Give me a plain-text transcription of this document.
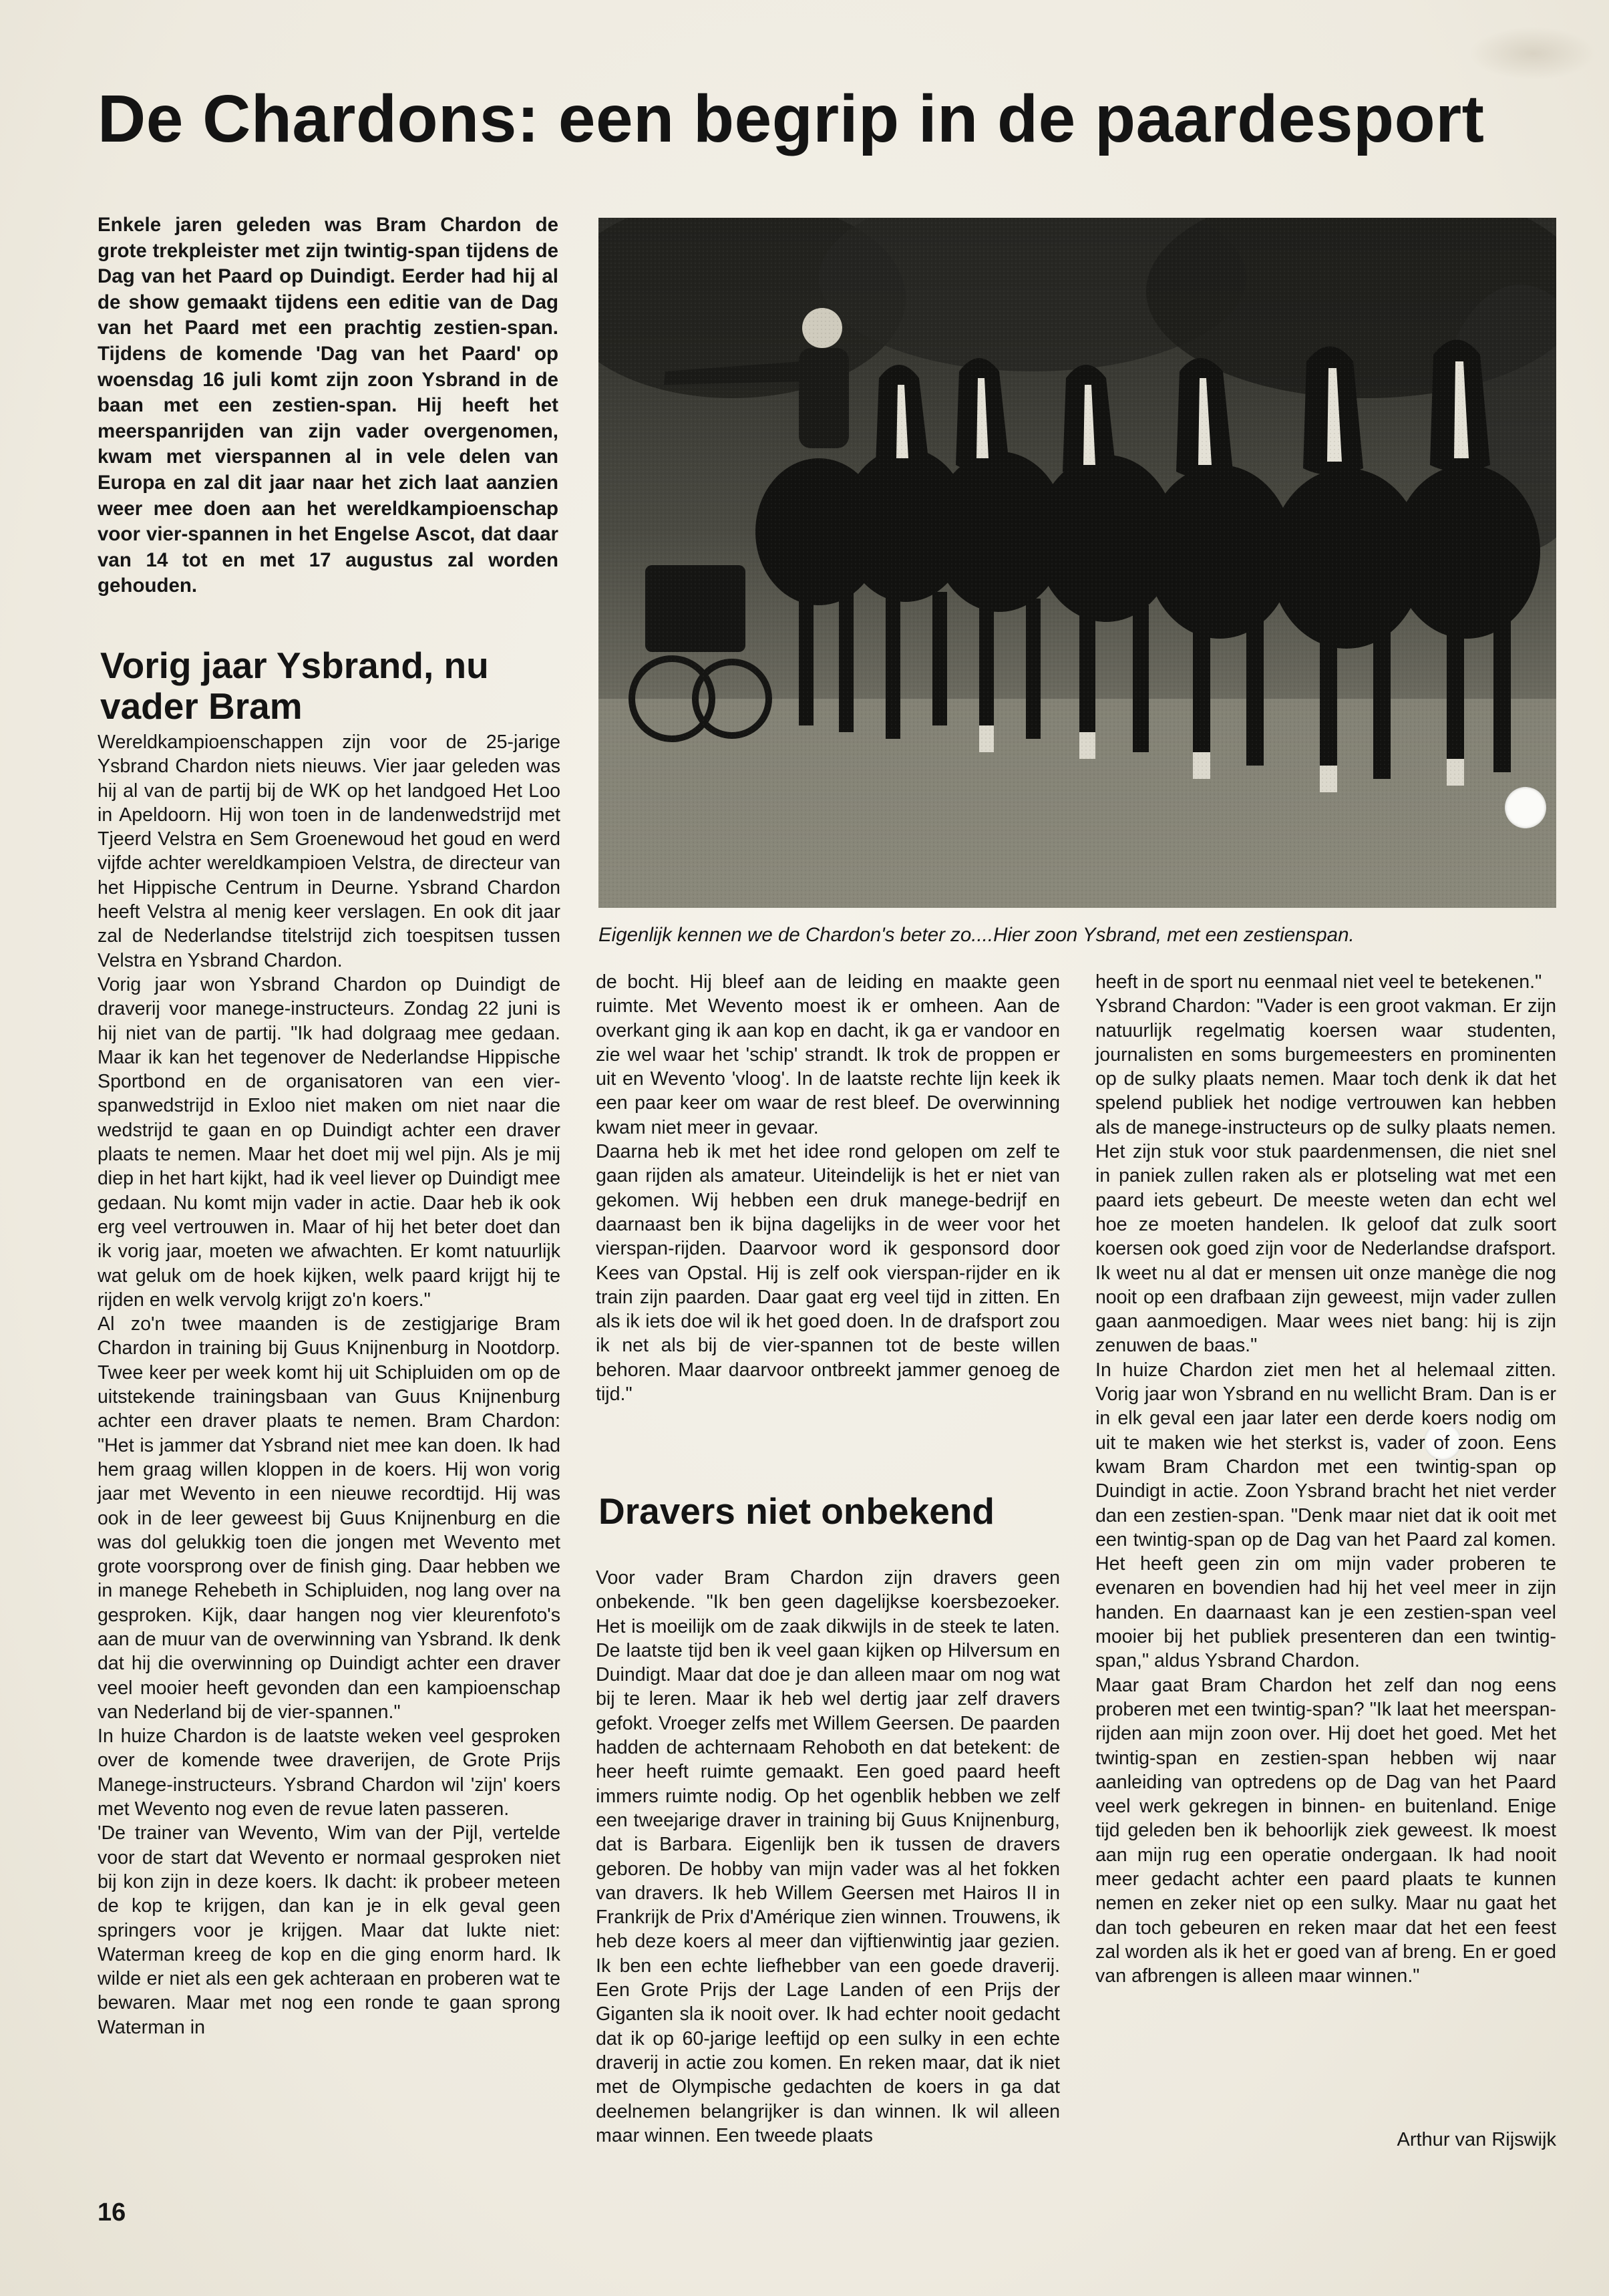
De Chardons: een begrip in de paardesport

Enkele jaren geleden was Bram Chardon de grote trekpleister met zijn twintig-span tijdens de Dag van het Paard op Duindigt. Eerder had hij al de show gemaakt tijdens een editie van de Dag van het Paard met een prachtig zestien-span. Tijdens de komende 'Dag van het Paard' op woensdag 16 juli komt zijn zoon Ysbrand in de baan met een zestien-span. Hij heeft het meerspanrijden van zijn vader overgenomen, kwam met vierspannen al in vele delen van Europa en zal dit jaar naar het zich laat aanzien weer mee doen aan het wereldkampioenschap voor vier-spannen in het Engelse Ascot, dat daar van 14 tot en met 17 augustus zal worden gehouden.

Vorig jaar Ysbrand, nu vader Bram

Wereldkampioenschappen zijn voor de 25-jarige Ysbrand Chardon niets nieuws. Vier jaar geleden was hij al van de partij bij de WK op het landgoed Het Loo in Apeldoorn. Hij won toen in de landenwedstrijd met Tjeerd Velstra en Sem Groenewoud het goud en werd vijfde achter wereldkampioen Velstra, de directeur van het Hippische Centrum in Deurne. Ysbrand Chardon heeft Velstra al menig keer verslagen. En ook dit jaar zal de Nederlandse titelstrijd zich toespitsen tussen Velstra en Ysbrand Chardon.

Vorig jaar won Ysbrand Chardon op Duindigt de draverij voor manege-instructeurs. Zondag 22 juni is hij niet van de partij. "Ik had dolgraag mee gedaan. Maar ik kan het tegenover de Nederlandse Hippische Sportbond en de organisatoren van een vier-spanwedstrijd in Exloo niet maken om niet naar die wedstrijd te gaan en op Duindigt achter een draver plaats te nemen. Maar het doet mij wel pijn. Als je mij diep in het hart kijkt, had ik veel liever op Duindigt mee gedaan. Nu komt mijn vader in actie. Daar heb ik ook erg veel vertrouwen in. Maar of hij het beter doet dan ik vorig jaar, moeten we afwachten. Er komt natuurlijk wat geluk om de hoek kijken, welk paard krijgt hij te rijden en welk vervolg krijgt zo'n koers."

Al zo'n twee maanden is de zestigjarige Bram Chardon in training bij Guus Knijnenburg in Nootdorp. Twee keer per week komt hij uit Schipluiden om op de uitstekende trainingsbaan van Guus Knijnenburg achter een draver plaats te nemen. Bram Chardon: "Het is jammer dat Ysbrand niet mee kan doen. Ik had hem graag willen kloppen in de koers. Hij won vorig jaar met Wevento in een nieuwe recordtijd. Hij was ook in de leer geweest bij Guus Knijnenburg en die was dol gelukkig toen die jongen met Wevento met grote voorsprong over de finish ging. Daar hebben we in manege Rehebeth in Schipluiden, nog lang over na gesproken. Kijk, daar hangen nog vier kleurenfoto's aan de muur van de overwinning van Ysbrand. Ik denk dat hij die overwinning op Duindigt achter een draver veel mooier heeft gevonden dan een kampioenschap van Nederland bij de vier-spannen."

In huize Chardon is de laatste weken veel gesproken over de komende twee draverijen, de Grote Prijs Manege-instructeurs. Ysbrand Chardon wil 'zijn' koers met Wevento nog even de revue laten passeren.

'De trainer van Wevento, Wim van der Pijl, vertelde voor de start dat Wevento er normaal gesproken niet bij kon zijn in deze koers. Ik dacht: ik probeer meteen de kop te krijgen, dan kan je in elk geval geen springers voor je krijgen. Maar dat lukte niet: Waterman kreeg de kop en die ging enorm hard. Ik wilde er niet als een gek achteraan en proberen wat te bewaren. Maar met nog een ronde te gaan sprong Waterman in

Eigenlijk kennen we de Chardon's beter zo....Hier zoon Ysbrand, met een zestienspan.

de bocht. Hij bleef aan de leiding en maakte geen ruimte. Met Wevento moest ik er omheen. Aan de overkant ging ik aan kop en dacht, ik ga er vandoor en zie wel waar het 'schip' strandt. Ik trok de proppen er uit en Wevento 'vloog'. In de laatste rechte lijn keek ik een paar keer om waar de rest bleef. De overwinning kwam niet meer in gevaar.

Daarna heb ik met het idee rond gelopen om zelf te gaan rijden als amateur. Uiteindelijk is het er niet van gekomen. Wij hebben een druk manege-bedrijf en daarnaast ben ik bijna dagelijks in de weer voor het vierspan-rijden. Daarvoor word ik gesponsord door Kees van Opstal. Hij is zelf ook vierspan-rijder en ik train zijn paarden. Daar gaat erg veel tijd in zitten. En als ik iets doe wil ik het goed doen. In de drafsport zou ik net als bij de vier-spannen tot de beste willen behoren. Maar daarvoor ontbreekt jammer genoeg de tijd."

Dravers niet onbekend

Voor vader Bram Chardon zijn dravers geen onbekende. "Ik ben geen dagelijkse koersbezoeker. Het is moeilijk om de zaak dikwijls in de steek te laten. De laatste tijd ben ik veel gaan kijken op Hilversum en Duindigt. Maar dat doe je dan alleen maar om nog wat bij te leren. Maar ik heb wel dertig jaar zelf dravers gefokt. Vroeger zelfs met Willem Geersen. De paarden hadden de achternaam Rehoboth en dat betekent: de heer heeft ruimte gemaakt. Een goed paard heeft immers ruimte nodig. Op het ogenblik hebben we zelf een tweejarige draver in training bij Guus Knijnenburg, dat is Barbara. Eigenlijk ben ik tussen de dravers geboren. De hobby van mijn vader was al het fokken van dravers. Ik heb Willem Geersen met Hairos II in Frankrijk de Prix d'Amérique zien winnen. Trouwens, ik heb deze koers al meer dan vijftienwintig jaar gezien. Ik ben een echte liefhebber van een goede draverij. Een Grote Prijs der Lage Landen of een Prijs der Giganten sla ik nooit over. Ik had echter nooit gedacht dat ik op 60-jarige leeftijd op een sulky in een echte draverij in actie zou komen. En reken maar, dat ik niet met de Olympische gedachten de koers in ga dat deelnemen belangrijker is dan winnen. Ik wil alleen maar winnen. Een tweede plaats

heeft in de sport nu eenmaal niet veel te betekenen."

Ysbrand Chardon: "Vader is een groot vakman. Er zijn natuurlijk regelmatig koersen waar studenten, journalisten en soms burgemeesters en prominenten op de sulky plaats nemen. Maar toch denk ik dat het spelend publiek het nodige vertrouwen kan hebben als de manege-instructeurs op de sulky plaats nemen. Het zijn stuk voor stuk paardenmensen, die niet snel in paniek zullen raken als er plotseling wat met een paard iets gebeurt. De meeste weten dan echt wel hoe ze moeten handelen. Ik geloof dat zulk soort koersen ook goed zijn voor de Nederlandse drafsport. Ik weet nu al dat er mensen uit onze manège die nog nooit op een drafbaan zijn geweest, mijn vader zullen gaan aanmoedigen. Maar wees niet bang: hij is zijn zenuwen de baas."

In huize Chardon ziet men het al helemaal zitten. Vorig jaar won Ysbrand en nu wellicht Bram. Dan is er in elk geval een jaar later een derde koers nodig om uit te maken wie het sterkst is, vader of zoon. Eens kwam Bram Chardon met een twintig-span op Duindigt in actie. Zoon Ysbrand bracht het niet verder dan een zestien-span. "Denk maar niet dat ik ooit met een twintig-span op de Dag van het Paard zal komen. Het heeft geen zin om mijn vader proberen te evenaren en bovendien had hij het veel meer in zijn handen. En daarnaast kan je een zestien-span veel mooier bij het publiek presenteren dan een twintig-span," aldus Ysbrand Chardon.

Maar gaat Bram Chardon het zelf dan nog eens proberen met een twintig-span? "Ik laat het meerspan-rijden aan mijn zoon over. Hij doet het goed. Met het twintig-span en zestien-span hebben wij naar aanleiding van optredens op de Dag van het Paard veel werk gekregen in binnen- en buitenland. Enige tijd geleden ben ik behoorlijk ziek geweest. Ik moest aan mijn rug een operatie ondergaan. Ik had nooit meer gedacht achter een paard plaats te kunnen nemen en zeker niet op een sulky. Maar nu gaat het dan toch gebeuren en reken maar dat het een feest zal worden als ik het er goed van af breng. En er goed van afbrengen is alleen maar winnen."

Arthur van Rijswijk

16
